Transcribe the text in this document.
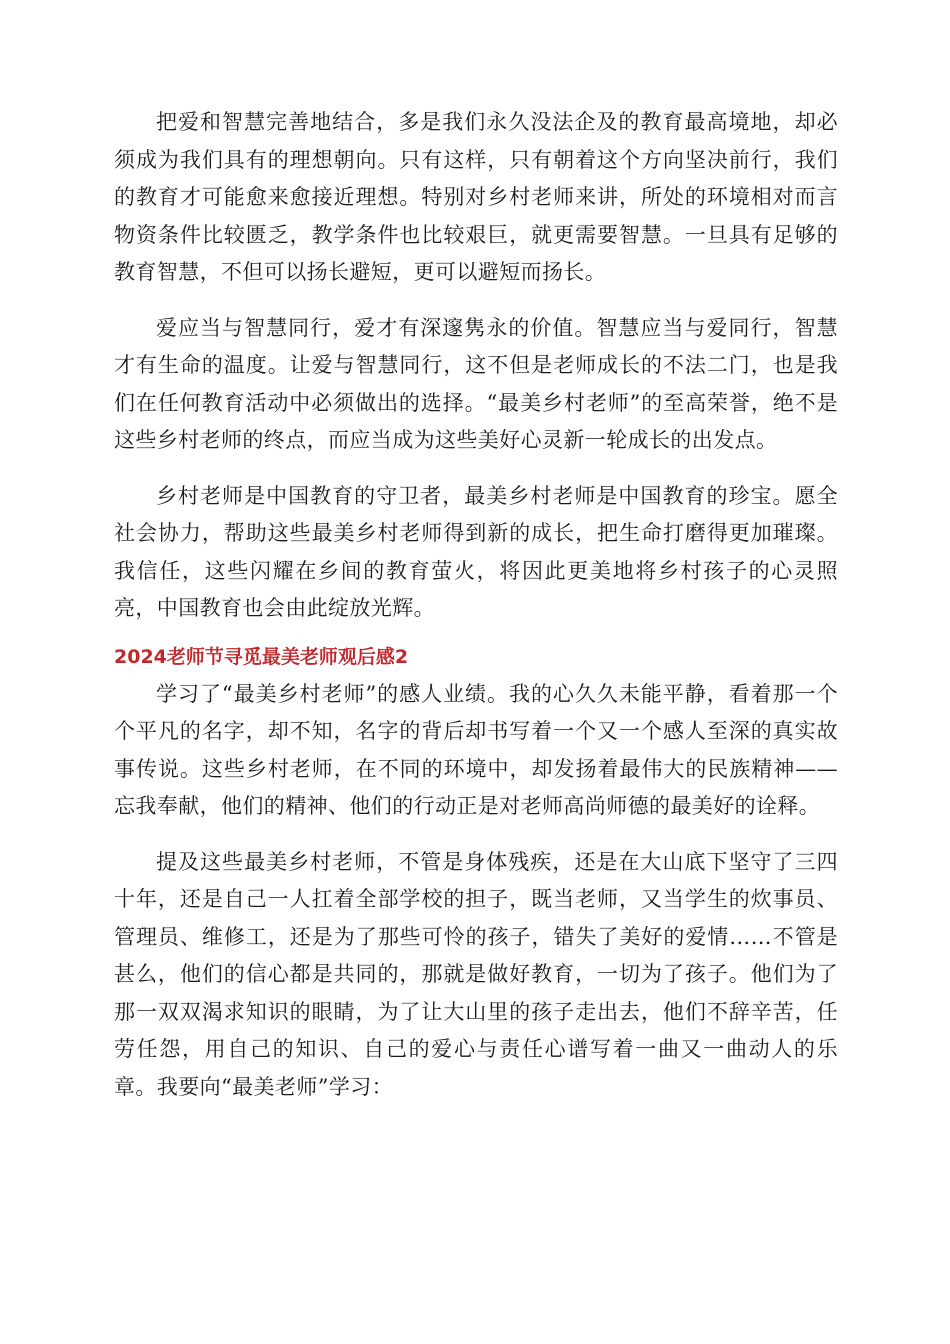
把爱和智慧完善地结合，多是我们永久没法企及的教育最高境地，却必须成为我们具有的理想朝向。只有这样，只有朝着这个方向坚决前行，我们的教育才可能愈来愈接近理想。特别对乡村老师来讲，所处的环境相对而言物资条件比较匮乏，教学条件也比较艰巨，就更需要智慧。一旦具有足够的教育智慧，不但可以扬长避短，更可以避短而扬长。

爱应当与智慧同行，爱才有深邃隽永的价值。智慧应当与爱同行，智慧才有生命的温度。让爱与智慧同行，这不但是老师成长的不法二门，也是我们在任何教育活动中必须做出的选择。“最美乡村老师”的至高荣誉，绝不是这些乡村老师的终点，而应当成为这些美好心灵新一轮成长的出发点。

乡村老师是中国教育的守卫者，最美乡村老师是中国教育的珍宝。愿全社会协力，帮助这些最美乡村老师得到新的成长，把生命打磨得更加璀璨。我信任，这些闪耀在乡间的教育萤火，将因此更美地将乡村孩子的心灵照亮，中国教育也会由此绽放光辉。

2024老师节寻觅最美老师观后感2

学习了“最美乡村老师”的感人业绩。我的心久久未能平静，看着那一个个平凡的名字，却不知，名字的背后却书写着一个又一个感人至深的真实故事传说。这些乡村老师，在不同的环境中，却发扬着最伟大的民族精神——忘我奉献，他们的精神、他们的行动正是对老师高尚师德的最美好的诠释。

提及这些最美乡村老师，不管是身体残疾，还是在大山底下坚守了三四十年，还是自己一人扛着全部学校的担子，既当老师，又当学生的炊事员、管理员、维修工，还是为了那些可怜的孩子，错失了美好的爱情……不管是甚么，他们的信心都是共同的，那就是做好教育，一切为了孩子。他们为了那一双双渴求知识的眼睛，为了让大山里的孩子走出去，他们不辞辛苦，任劳任怨，用自己的知识、自己的爱心与责任心谱写着一曲又一曲动人的乐章。我要向“最美老师”学习：
